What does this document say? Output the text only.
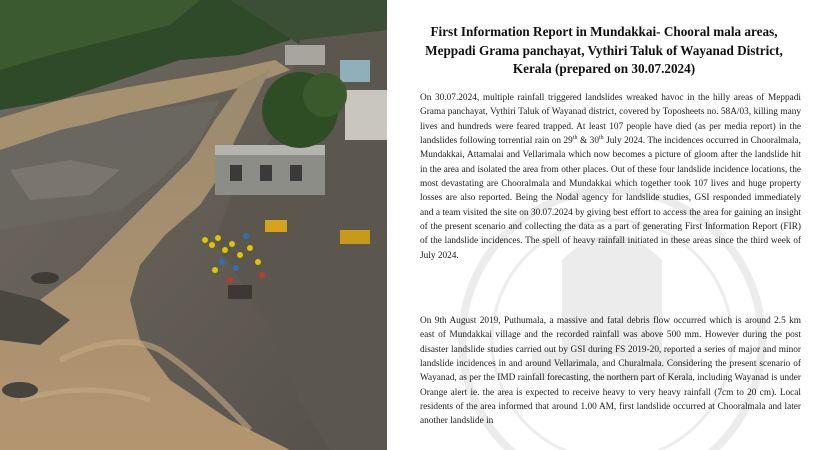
First Information Report in Mundakkai- Chooral mala areas, Meppadi Grama panchayat, Vythiri Taluk of Wayanad District, Kerala (prepared on 30.07.2024)

On 30.07.2024, multiple rainfall triggered landslides wreaked havoc in the hilly areas of Meppadi Grama panchayat, Vythiri Taluk of Wayanad district, covered by Toposheets no. 58A/03, killing many lives and hundreds were feared trapped. At least 107 people have died (as per media report) in the landslides following torrential rain on 29th & 30th July 2024. The incidences occurred in Chooralmala, Mundakkai, Attamalai and Vellarimala which now becomes a picture of gloom after the landslide hit in the area and isolated the area from other places. Out of these four landslide incidence locations, the most devastating are Chooralmala and Mundakkai which together took 107 lives and huge property losses are also reported. Being the Nodal agency for landslide studies, GSI responded immediately and a team visited the site on 30.07.2024 by giving best effort to access the area for gaining an insight of the present scenario and collecting the data as a part of generating First Information Report (FIR) of the landslide incidences. The spell of heavy rainfall initiated in these areas since the third week of July 2024.

On 9th August 2019, Puthumala, a massive and fatal debris flow occurred which is around 2.5 km east of Mundakkai village and the recorded rainfall was above 500 mm. However during the post disaster landslide studies carried out by GSI during FS 2019-20, reported a series of major and minor landslide incidences in and around Vellarimala, and Churalmala. Considering the present scenario of Wayanad, as per the IMD rainfall forecasting, the northern part of Kerala, including Wayanad is under Orange alert ie. the area is expected to receive heavy to very heavy rainfall (7cm to 20 cm). Local residents of the area informed that around 1.00 AM, first landslide occurred at Chooralmala and later another landslide in
